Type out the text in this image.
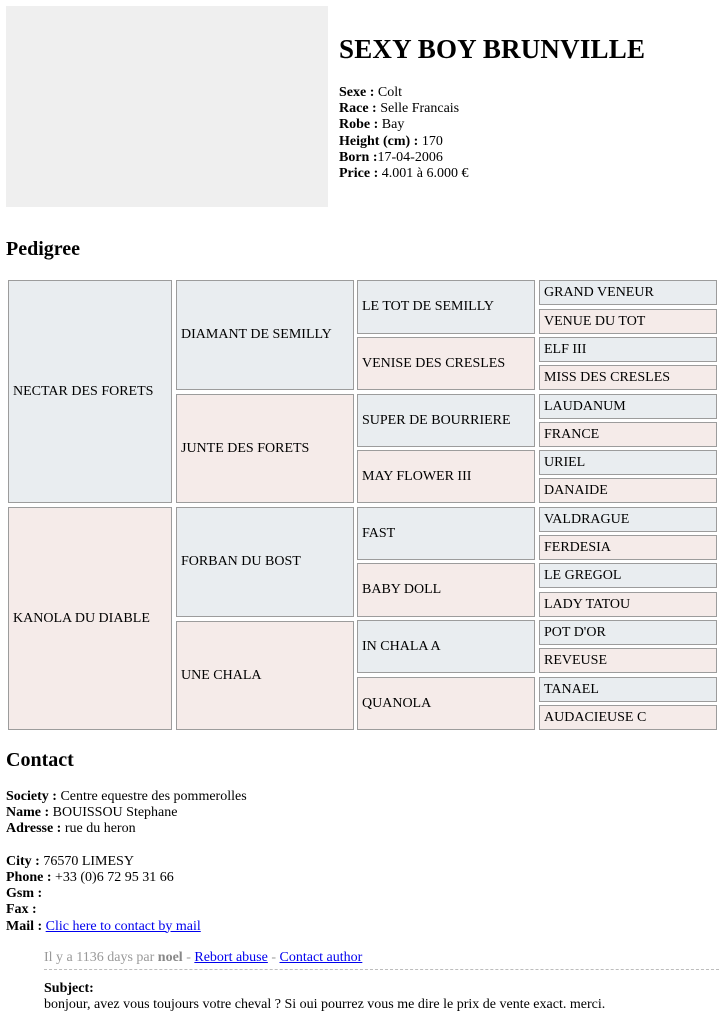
SEXY BOY BRUNVILLE
Sexe : Colt
Race : Selle Francais
Robe : Bay
Height (cm) : 170
Born :17-04-2006
Price : 4.001 à 6.000 €
Pedigree
NECTAR DES FORETS
KANOLA DU DIABLE
DIAMANT DE SEMILLY
JUNTE DES FORETS
FORBAN DU BOST
UNE CHALA
LE TOT DE SEMILLY
VENISE DES CRESLES
SUPER DE BOURRIERE
MAY FLOWER III
FAST
BABY DOLL
IN CHALA A
QUANOLA
GRAND VENEUR
VENUE DU TOT
ELF III
MISS DES CRESLES
LAUDANUM
FRANCE
URIEL
DANAIDE
VALDRAGUE
FERDESIA
LE GREGOL
LADY TATOU
POT D'OR
REVEUSE
TANAEL
AUDACIEUSE C
Contact
Society : Centre equestre des pommerolles
Name : BOUISSOU Stephane
Adresse : rue du heron
City : 76570 LIMESY
Phone : +33 (0)6 72 95 31 66
Gsm :
Fax :
Mail : Clic here to contact by mail
Il y a 1136 days par noel - Rebort abuse - Contact author
Subject:
bonjour, avez vous toujours votre cheval ? Si oui pourrez vous me dire le prix de vente exact. merci.
